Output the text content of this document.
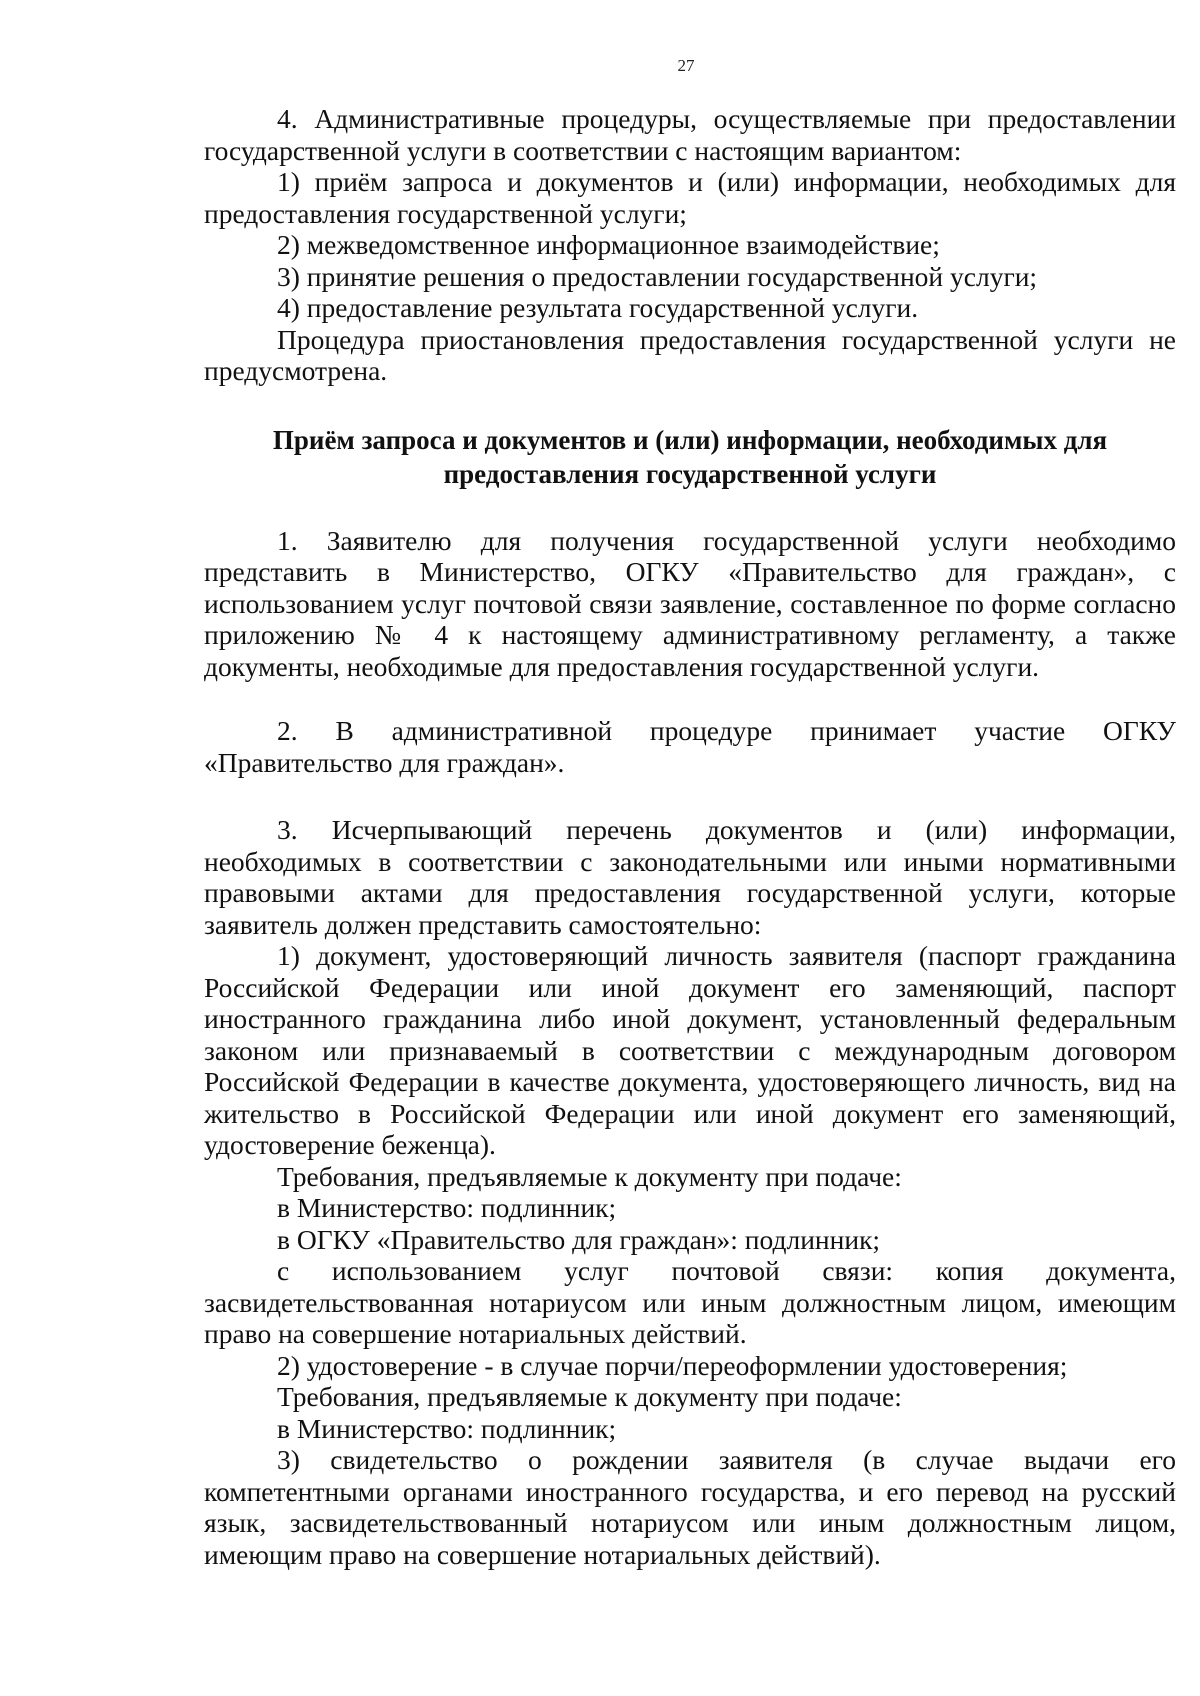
27

4. Административные процедуры, осуществляемые при предоставлении государственной услуги в соответствии с настоящим вариантом:

1) приём запроса и документов и (или) информации, необходимых для предоставления государственной услуги;

2) межведомственное информационное взаимодействие;

3) принятие решения о предоставлении государственной услуги;

4) предоставление результата государственной услуги.

Процедура приостановления предоставления государственной услуги не предусмотрена.

Приём запроса и документов и (или) информации, необходимых для

предоставления государственной услуги

1. Заявителю для получения государственной услуги необходимо представить в Министерство, ОГКУ «Правительство для граждан», с использованием услуг почтовой связи заявление, составленное по форме согласно приложению № 4 к настоящему административному регламенту, а также документы, необходимые для предоставления государственной услуги.

2. В административной процедуре принимает участие ОГКУ «Правительство для граждан».

3. Исчерпывающий перечень документов и (или) информации, необходимых в соответствии с законодательными или иными нормативными правовыми актами для предоставления государственной услуги, которые заявитель должен представить самостоятельно:

1) документ, удостоверяющий личность заявителя (паспорт гражданина Российской Федерации или иной документ его заменяющий, паспорт иностранного гражданина либо иной документ, установленный федеральным законом или признаваемый в соответствии с международным договором Российской Федерации в качестве документа, удостоверяющего личность, вид на жительство в Российской Федерации или иной документ его заменяющий, удостоверение беженца).

Требования, предъявляемые к документу при подаче:

в Министерство: подлинник;

в ОГКУ «Правительство для граждан»: подлинник;

с использованием услуг почтовой связи: копия документа, засвидетельствованная нотариусом или иным должностным лицом, имеющим право на совершение нотариальных действий.

2) удостоверение - в случае порчи/переоформлении удостоверения;

Требования, предъявляемые к документу при подаче:

в Министерство: подлинник;

3) свидетельство о рождении заявителя (в случае выдачи его компетентными органами иностранного государства, и его перевод на русский язык, засвидетельствованный нотариусом или иным должностным лицом, имеющим право на совершение нотариальных действий).
